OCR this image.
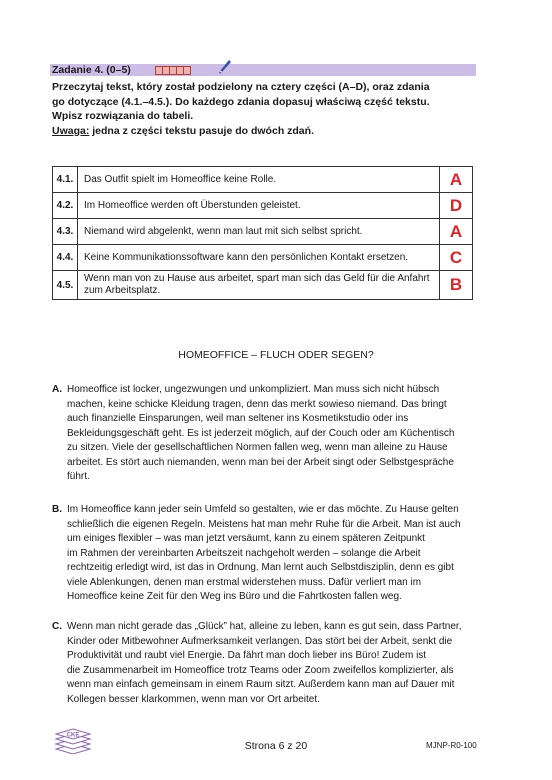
Zadanie 4. (0–5)
Przeczytaj tekst, który został podzielony na cztery części (A–D), oraz zdania
go dotyczące (4.1.–4.5.). Do każdego zdania dopasuj właściwą część tekstu.
Wpisz rozwiązania do tabeli.
Uwaga: jedna z części tekstu pasuje do dwóch zdań.
4.1.	Das Outfit spielt im Homeoffice keine Rolle.	A
4.2.	Im Homeoffice werden oft Überstunden geleistet.	D
4.3.	Niemand wird abgelenkt, wenn man laut mit sich selbst spricht.	A
4.4.	Keine Kommunikationssoftware kann den persönlichen Kontakt ersetzen.	C
4.5.	Wenn man von zu Hause aus arbeitet, spart man sich das Geld für die Anfahrt
zum Arbeitsplatz.	B
HOMEOFFICE – FLUCH ODER SEGEN?
A. Homeoffice ist locker, ungezwungen und unkompliziert. Man muss sich nicht hübsch
machen, keine schicke Kleidung tragen, denn das merkt sowieso niemand. Das bringt
auch finanzielle Einsparungen, weil man seltener ins Kosmetikstudio oder ins
Bekleidungsgeschäft geht. Es ist jederzeit möglich, auf der Couch oder am Küchentisch
zu sitzen. Viele der gesellschaftlichen Normen fallen weg, wenn man alleine zu Hause
arbeitet. Es stört auch niemanden, wenn man bei der Arbeit singt oder Selbstgespräche
führt.
B. Im Homeoffice kann jeder sein Umfeld so gestalten, wie er das möchte. Zu Hause gelten
schließlich die eigenen Regeln. Meistens hat man mehr Ruhe für die Arbeit. Man ist auch
um einiges flexibler – was man jetzt versäumt, kann zu einem späteren Zeitpunkt
im Rahmen der vereinbarten Arbeitszeit nachgeholt werden – solange die Arbeit
rechtzeitig erledigt wird, ist das in Ordnung. Man lernt auch Selbstdisziplin, denn es gibt
viele Ablenkungen, denen man erstmal widerstehen muss. Dafür verliert man im
Homeoffice keine Zeit für den Weg ins Büro und die Fahrtkosten fallen weg.
C. Wenn man nicht gerade das „Glück” hat, alleine zu leben, kann es gut sein, dass Partner,
Kinder oder Mitbewohner Aufmerksamkeit verlangen. Das stört bei der Arbeit, senkt die
Produktivität und raubt viel Energie. Da fährt man doch lieber ins Büro! Zudem ist
die Zusammenarbeit im Homeoffice trotz Teams oder Zoom zweifellos komplizierter, als
wenn man einfach gemeinsam in einem Raum sitzt. Außerdem kann man auf Dauer mit
Kollegen besser klarkommen, wenn man vor Ort arbeitet.
CKE
Strona 6 z 20	MJNP-R0-100
